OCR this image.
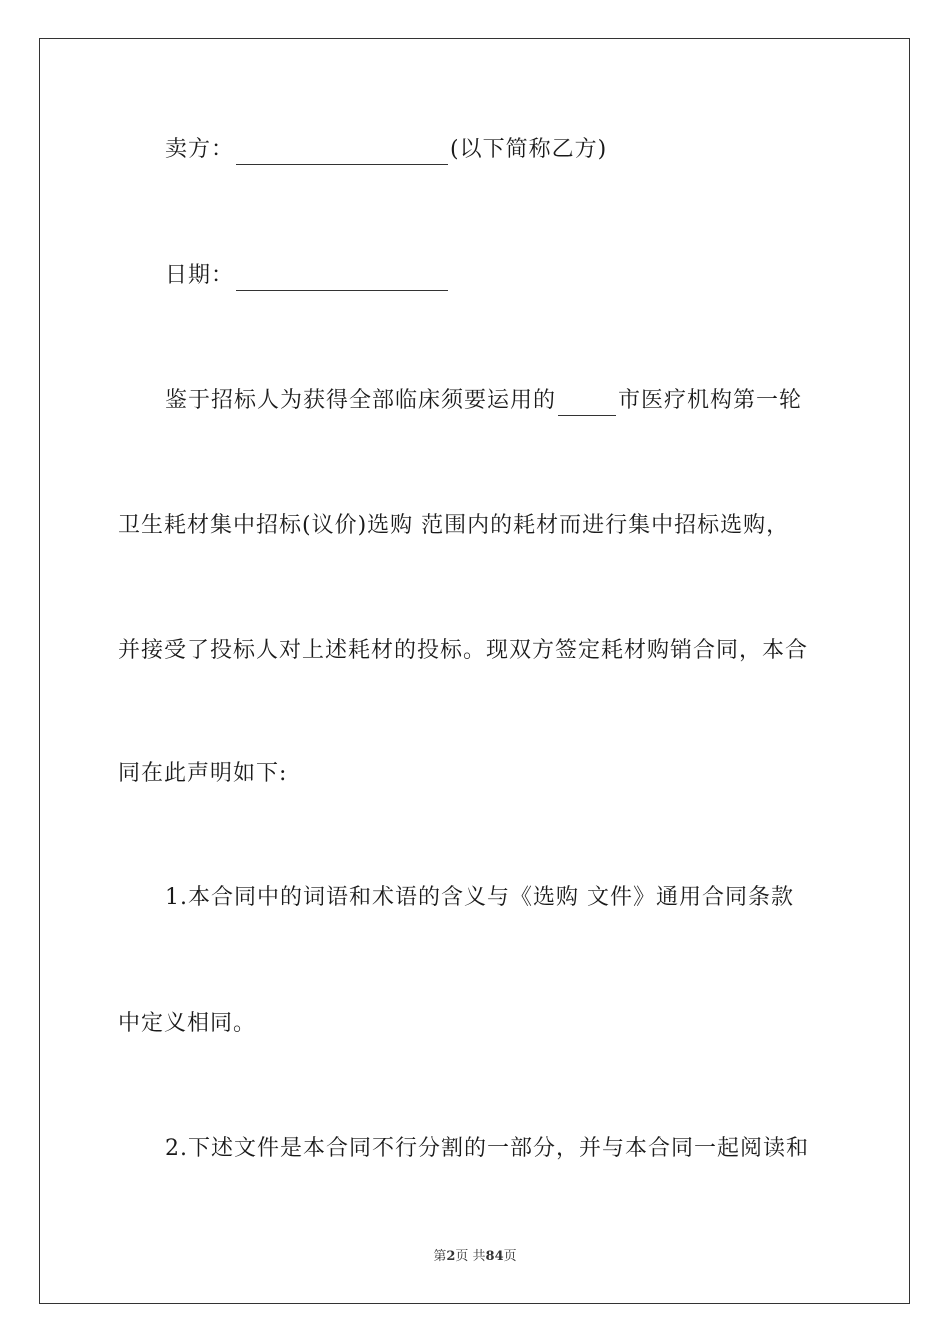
卖方：	(以下简称乙方)
日期：
鉴于招标人为获得全部临床须要运用的	市医疗机构第一轮
卫生耗材集中招标(议价)选购 范围内的耗材而进行集中招标选购，
并接受了投标人对上述耗材的投标。现双方签定耗材购销合同，本合
同在此声明如下:
1.本合同中的词语和术语的含义与《选购 文件》通用合同条款
中定义相同。
2.下述文件是本合同不行分割的一部分，并与本合同一起阅读和
第2页 共84页
